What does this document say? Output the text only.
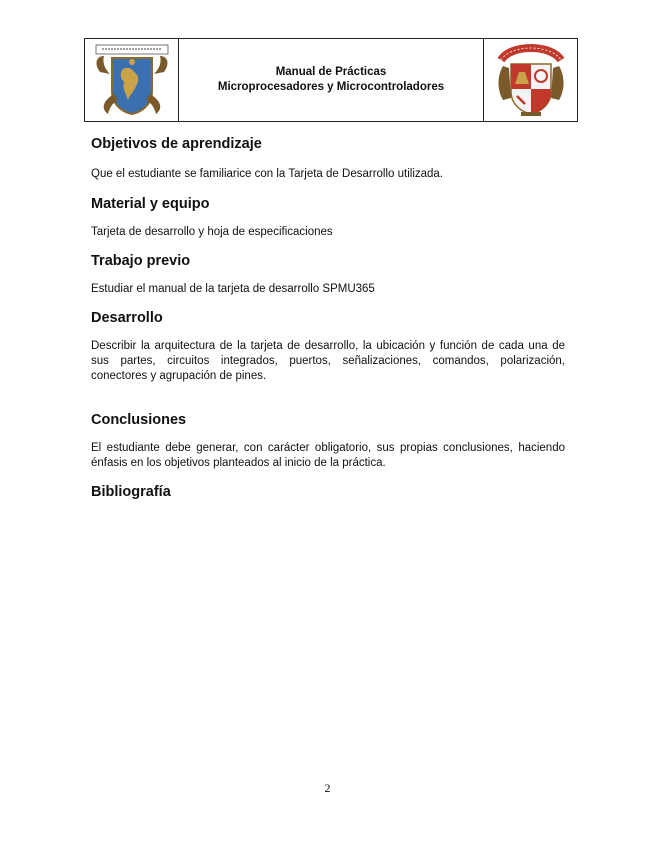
Manual de Prácticas
Microprocesadores y Microcontroladores
Objetivos de aprendizaje

Que el estudiante se familiarice con la Tarjeta de Desarrollo utilizada.

Material y equipo

Tarjeta de desarrollo y hoja de especificaciones

Trabajo previo

Estudiar el manual de la tarjeta de desarrollo SPMU365

Desarrollo

Describir la arquitectura de la tarjeta de desarrollo, la ubicación y función de cada una de sus partes, circuitos integrados, puertos, señalizaciones, comandos, polarización, conectores y agrupación de pines.

Conclusiones

El estudiante debe generar, con carácter obligatorio, sus propias conclusiones, haciendo énfasis en los objetivos planteados al inicio de la práctica.

Bibliografía
2
